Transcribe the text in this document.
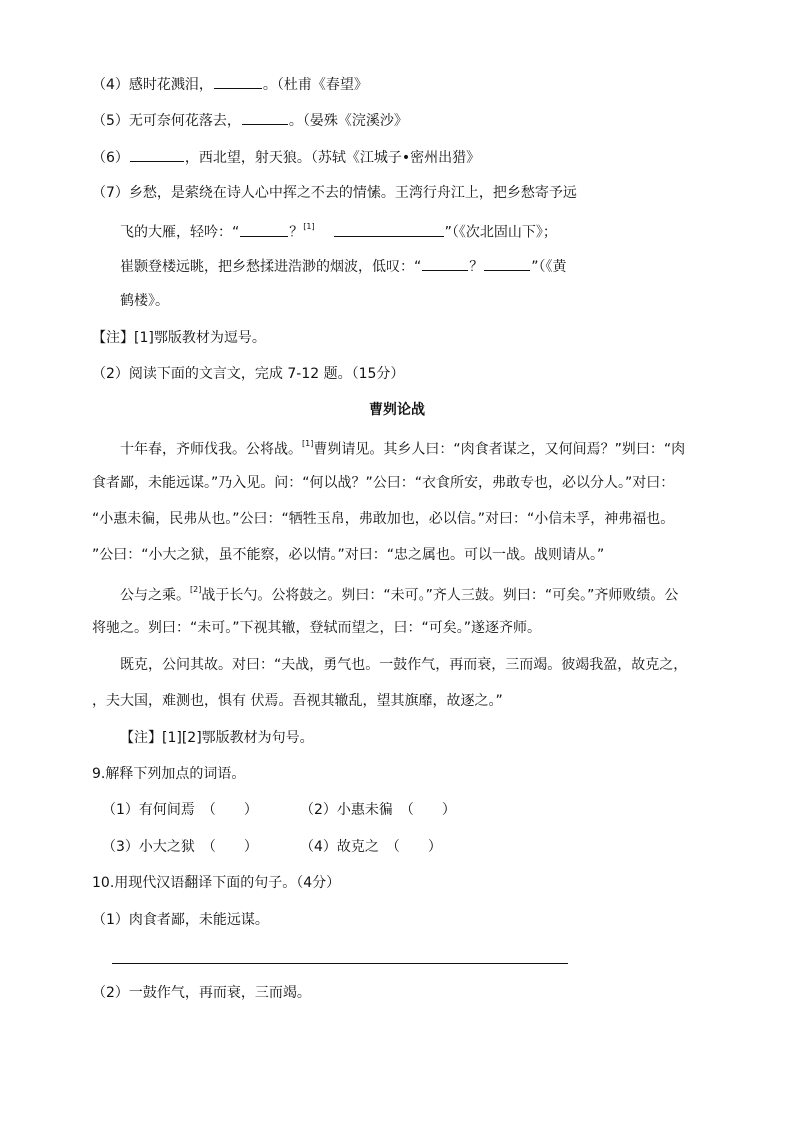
（4）感时花溅泪，	。（杜甫《春望》
（5）无可奈何花落去，	。（晏殊《浣溪沙》
（6）	，西北望，射天狼。（苏轼《江城子•密州出猎》
（7）乡愁，是萦绕在诗人心中挥之不去的情愫。王湾行舟江上，把乡愁寄予远
飞的大雁，轻吟：“	？[1]	”（《次北固山下》；
崔颢登楼远眺，把乡愁揉进浩渺的烟波，低叹：“	？	”（《黄
鹤楼》。
【注】[1]鄂版教材为逗号。
（2）阅读下面的文言文，完成 7-12 题。（15分）
曹刿论战
十年春，齐师伐我。公将战。[1]曹刿请见。其乡人曰：“肉食者谋之，又何间焉？”刿曰：“肉
食者鄙，未能远谋。”乃入见。问：“何以战？”公曰：“衣食所安，弗敢专也，必以分人。”对曰：
“小惠未徧，民弗从也。”公曰：“牺牲玉帛，弗敢加也，必以信。”对曰：“小信未孚，神弗福也。
”公曰：“小大之狱，虽不能察，必以情。”对曰：“忠之属也。可以一战。战则请从。”
公与之乘。[2]战于长勺。公将鼓之。刿曰：“未可。”齐人三鼓。刿曰：“可矣。”齐师败绩。公
将驰之。刿曰：“未可。”下视其辙，登轼而望之，曰：“可矣。”遂逐齐师。
既克，公问其故。对曰：“夫战，勇气也。一鼓作气，再而衰，三而竭。彼竭我盈，故克之，
，夫大国，难测也，惧有 伏焉。吾视其辙乱，望其旗靡，故逐之。”
【注】[1][2]鄂版教材为句号。
9.解释下列加点的词语。
（1）有何间焉　（　　）	（2）小惠未徧　（　　）
（3）小大之狱　（　　）	（4）故克之　（　　）
10.用现代汉语翻译下面的句子。（4分）
（1）肉食者鄙，未能远谋。
（2）一鼓作气，再而衰，三而竭。
